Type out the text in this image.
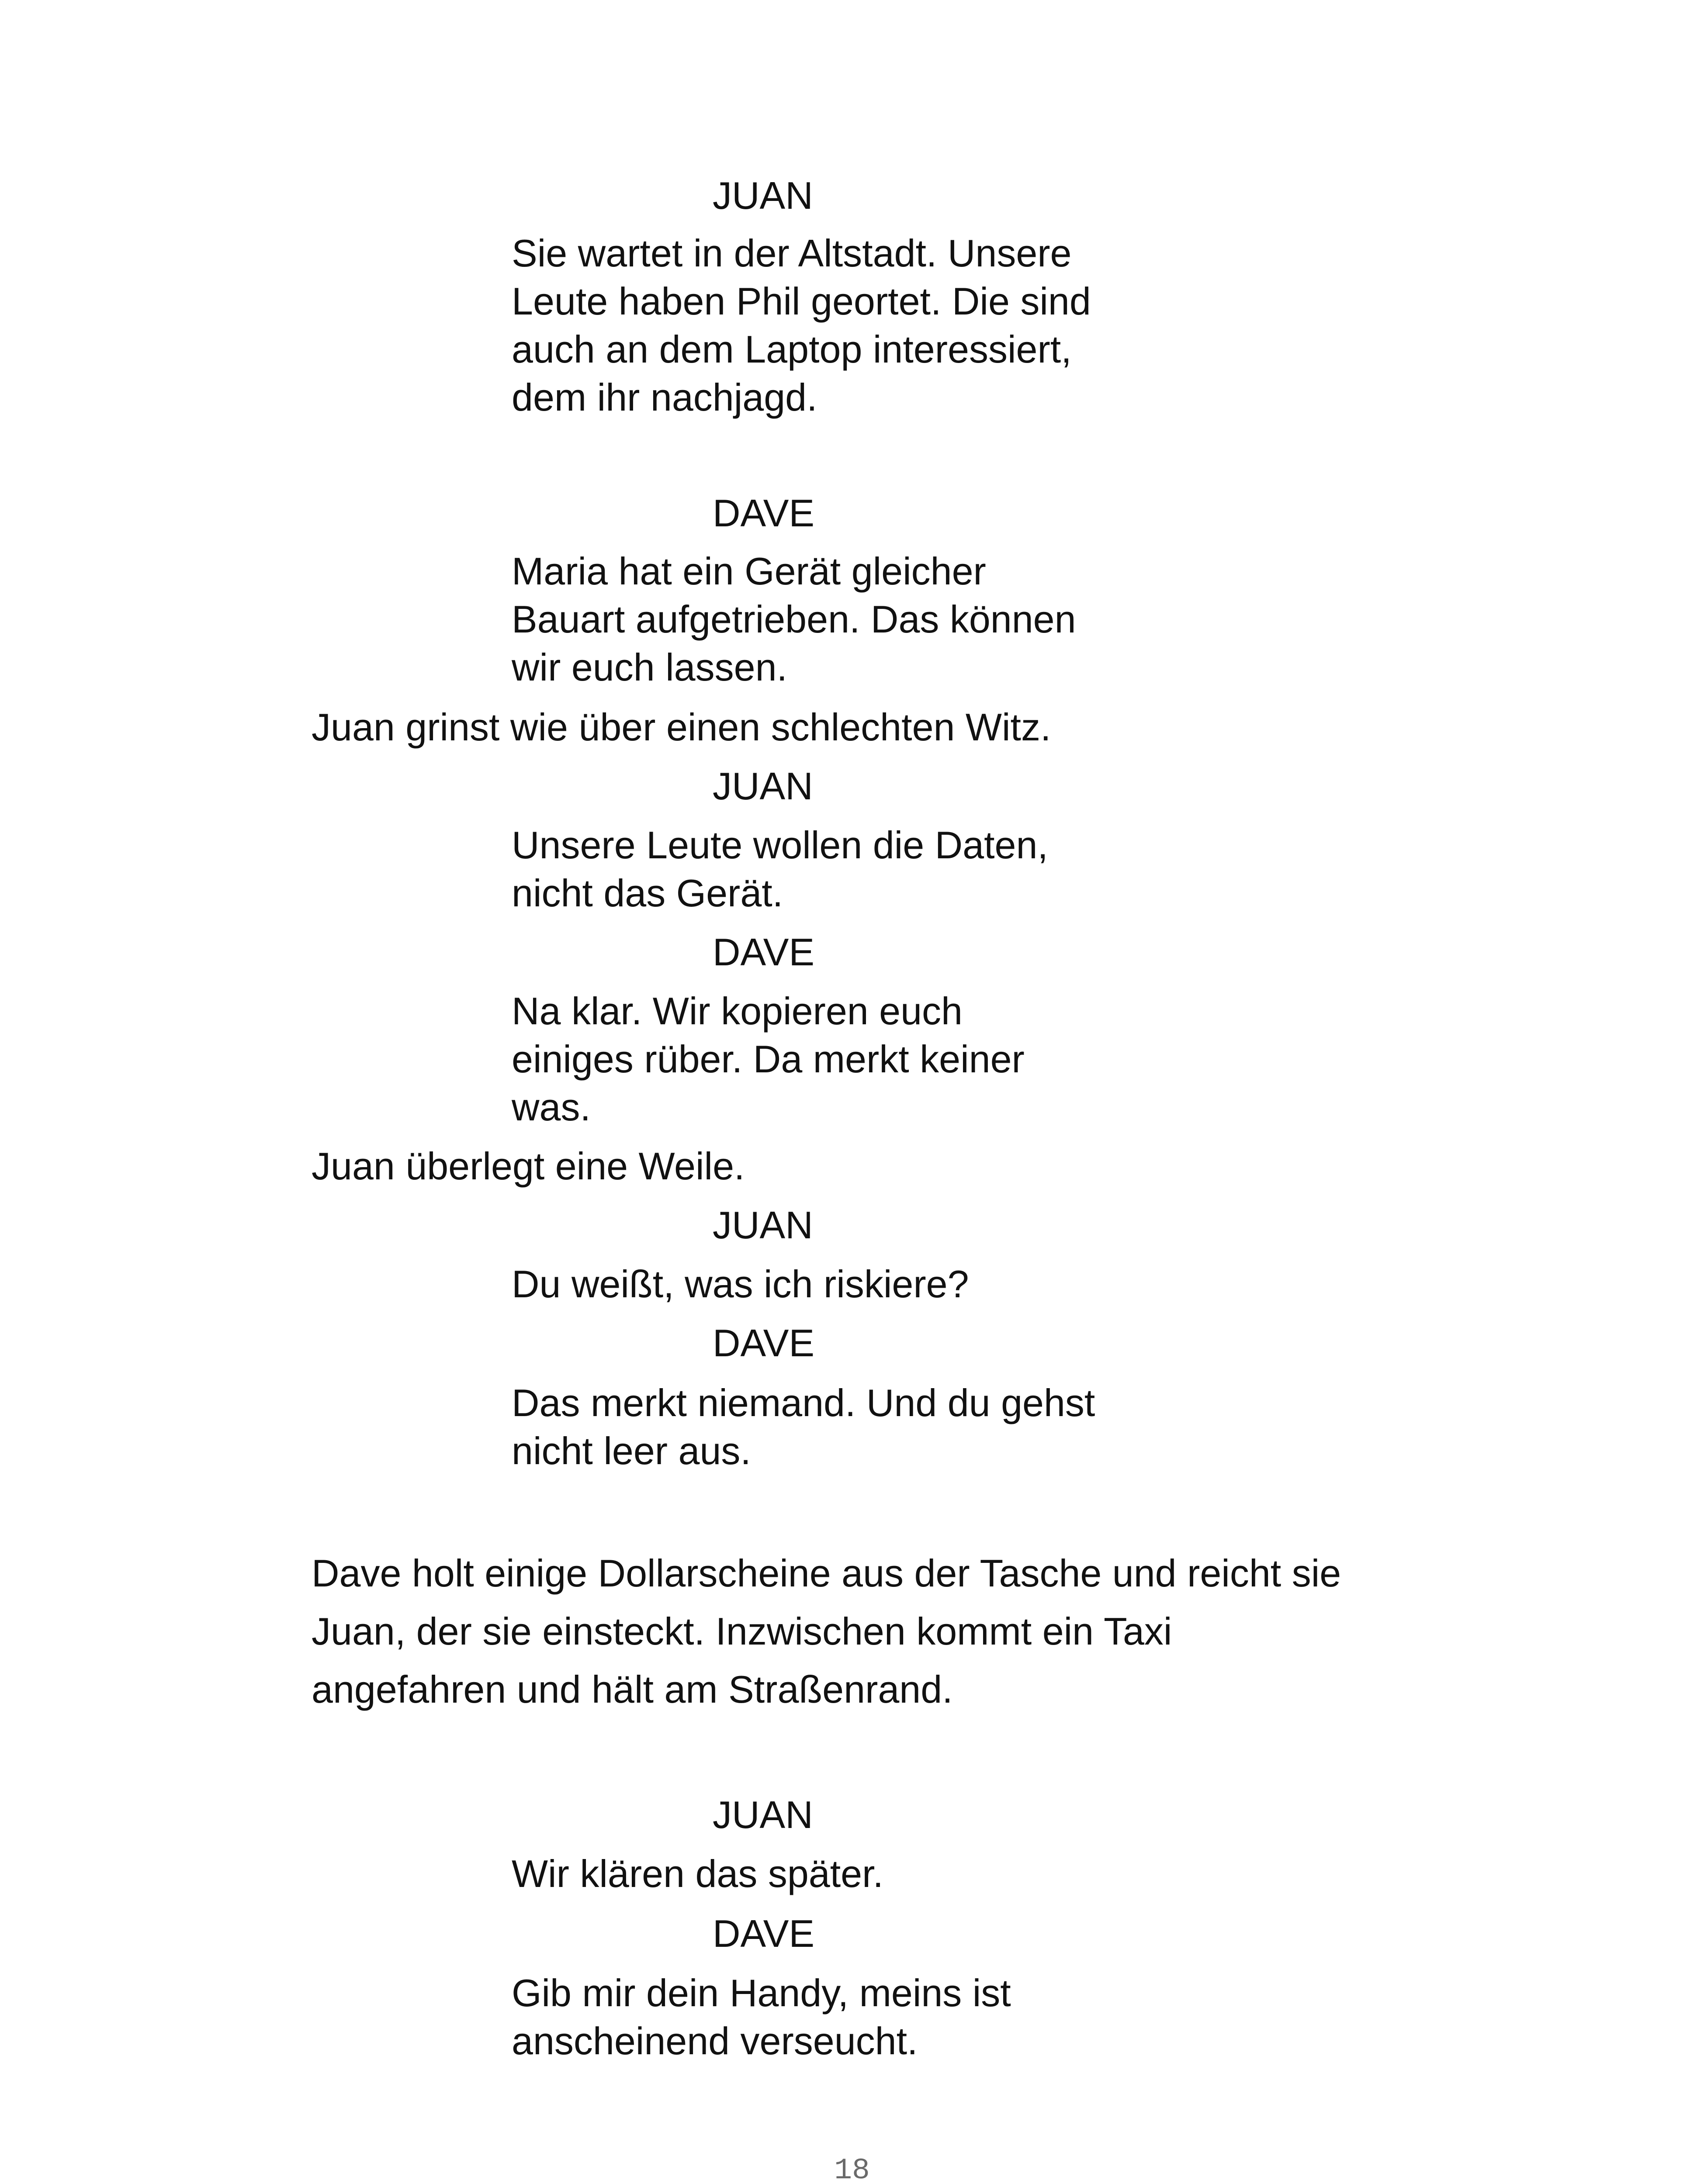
JUAN
Sie wartet in der Altstadt. Unsere
Leute haben Phil geortet. Die sind
auch an dem Laptop interessiert,
dem ihr nachjagd.
DAVE
Maria hat ein Gerät gleicher
Bauart aufgetrieben. Das können
wir euch lassen.
Juan grinst wie über einen schlechten Witz.
JUAN
Unsere Leute wollen die Daten,
nicht das Gerät.
DAVE
Na klar. Wir kopieren euch
einiges rüber. Da merkt keiner
was.
Juan überlegt eine Weile.
JUAN
Du weißt, was ich riskiere?
DAVE
Das merkt niemand. Und du gehst
nicht leer aus.
Dave holt einige Dollarscheine aus der Tasche und reicht sie
Juan, der sie einsteckt. Inzwischen kommt ein Taxi
angefahren und hält am Straßenrand.
JUAN
Wir klären das später.
DAVE
Gib mir dein Handy, meins ist
anscheinend verseucht.
18
